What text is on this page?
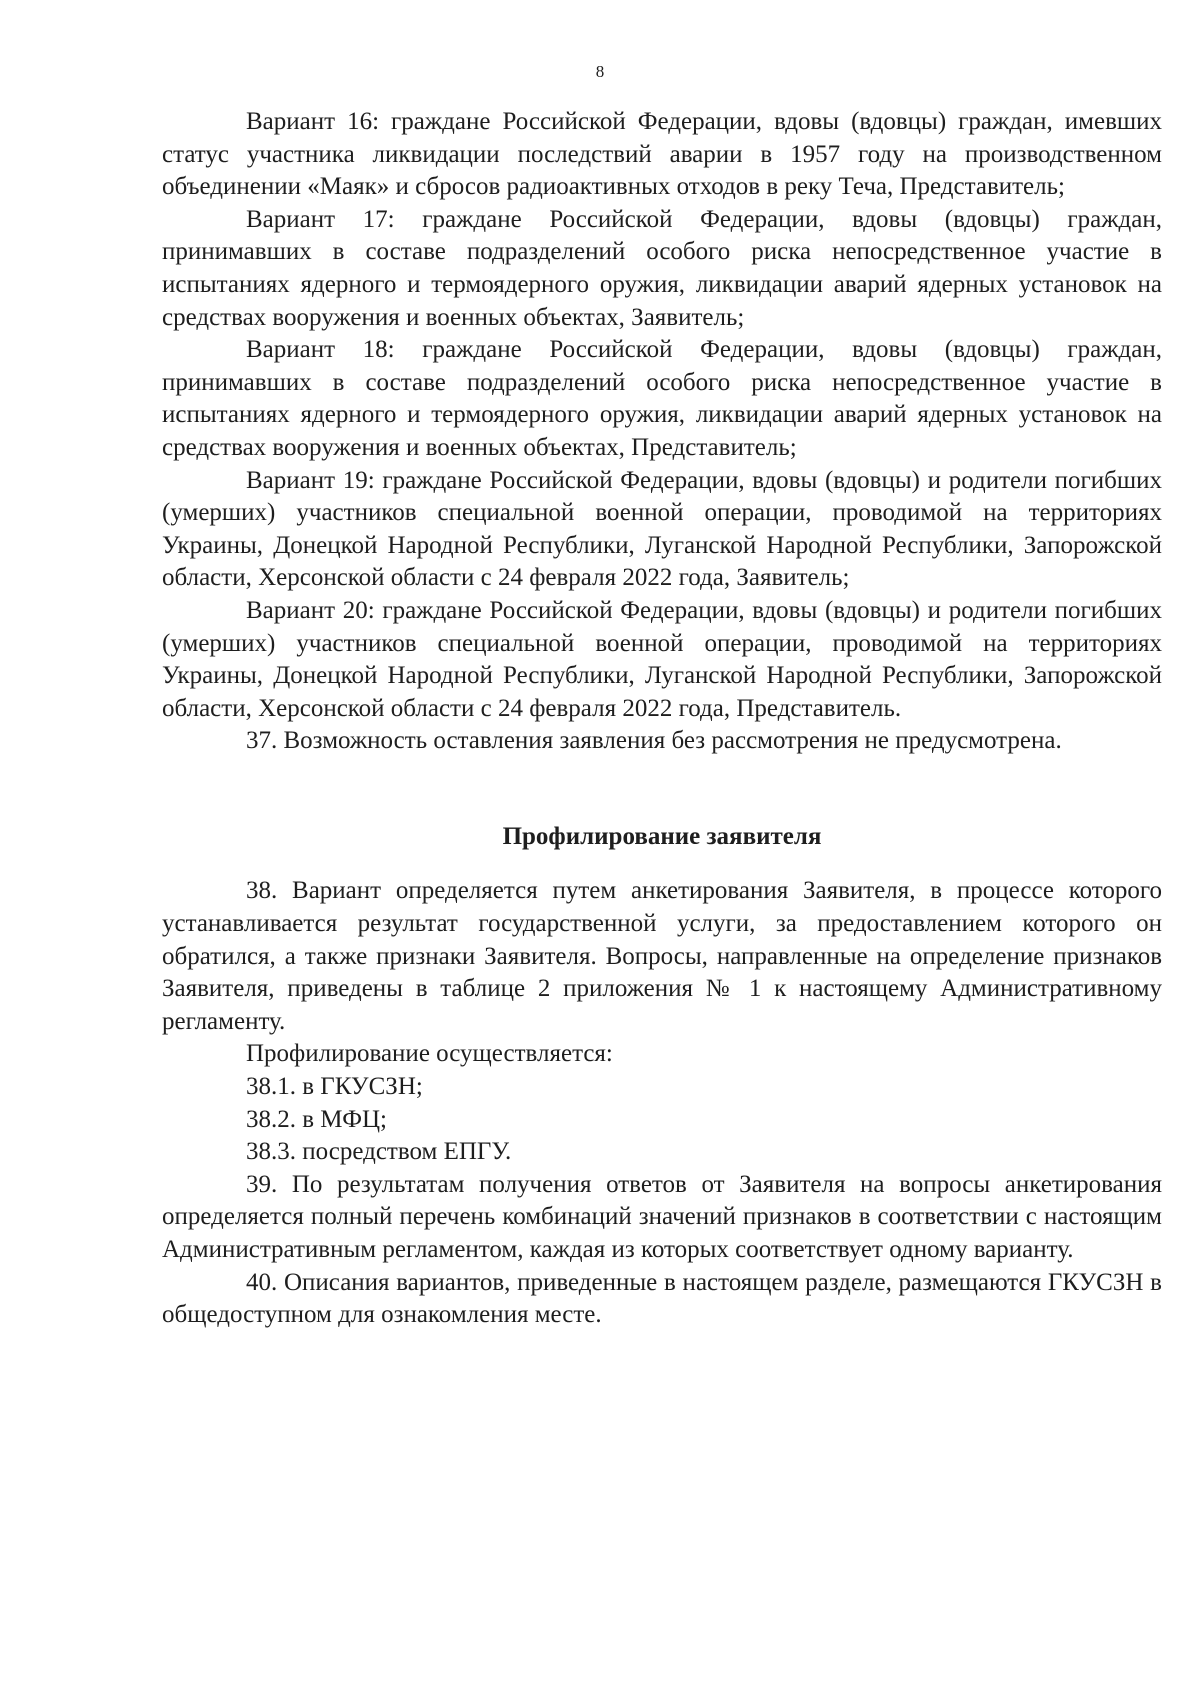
8

Вариант 16: граждане Российской Федерации, вдовы (вдовцы) граждан, имевших статус участника ликвидации последствий аварии в 1957 году на производственном объединении «Маяк» и сбросов радиоактивных отходов в реку Теча, Представитель;

Вариант 17: граждане Российской Федерации, вдовы (вдовцы) граждан, принимавших в составе подразделений особого риска непосредственное участие в испытаниях ядерного и термоядерного оружия, ликвидации аварий ядерных установок на средствах вооружения и военных объектах, Заявитель;

Вариант 18: граждане Российской Федерации, вдовы (вдовцы) граждан, принимавших в составе подразделений особого риска непосредственное участие в испытаниях ядерного и термоядерного оружия, ликвидации аварий ядерных установок на средствах вооружения и военных объектах, Представитель;

Вариант 19: граждане Российской Федерации, вдовы (вдовцы) и родители погибших (умерших) участников специальной военной операции, проводимой на территориях Украины, Донецкой Народной Республики, Луганской Народной Республики, Запорожской области, Херсонской области с 24 февраля 2022 года, Заявитель;

Вариант 20: граждане Российской Федерации, вдовы (вдовцы) и родители погибших (умерших) участников специальной военной операции, проводимой на территориях Украины, Донецкой Народной Республики, Луганской Народной Республики, Запорожской области, Херсонской области с 24 февраля 2022 года, Представитель.

37. Возможность оставления заявления без рассмотрения не предусмотрена.

Профилирование заявителя

38. Вариант определяется путем анкетирования Заявителя, в процессе которого устанавливается результат государственной услуги, за предоставлением которого он обратился, а также признаки Заявителя. Вопросы, направленные на определение признаков Заявителя, приведены в таблице 2 приложения № 1 к настоящему Административному регламенту.

Профилирование осуществляется:

38.1. в ГКУСЗН;

38.2. в МФЦ;

38.3. посредством ЕПГУ.

39. По результатам получения ответов от Заявителя на вопросы анкетирования определяется полный перечень комбинаций значений признаков в соответствии с настоящим Административным регламентом, каждая из которых соответствует одному варианту.

40. Описания вариантов, приведенные в настоящем разделе, размещаются ГКУСЗН в общедоступном для ознакомления месте.
